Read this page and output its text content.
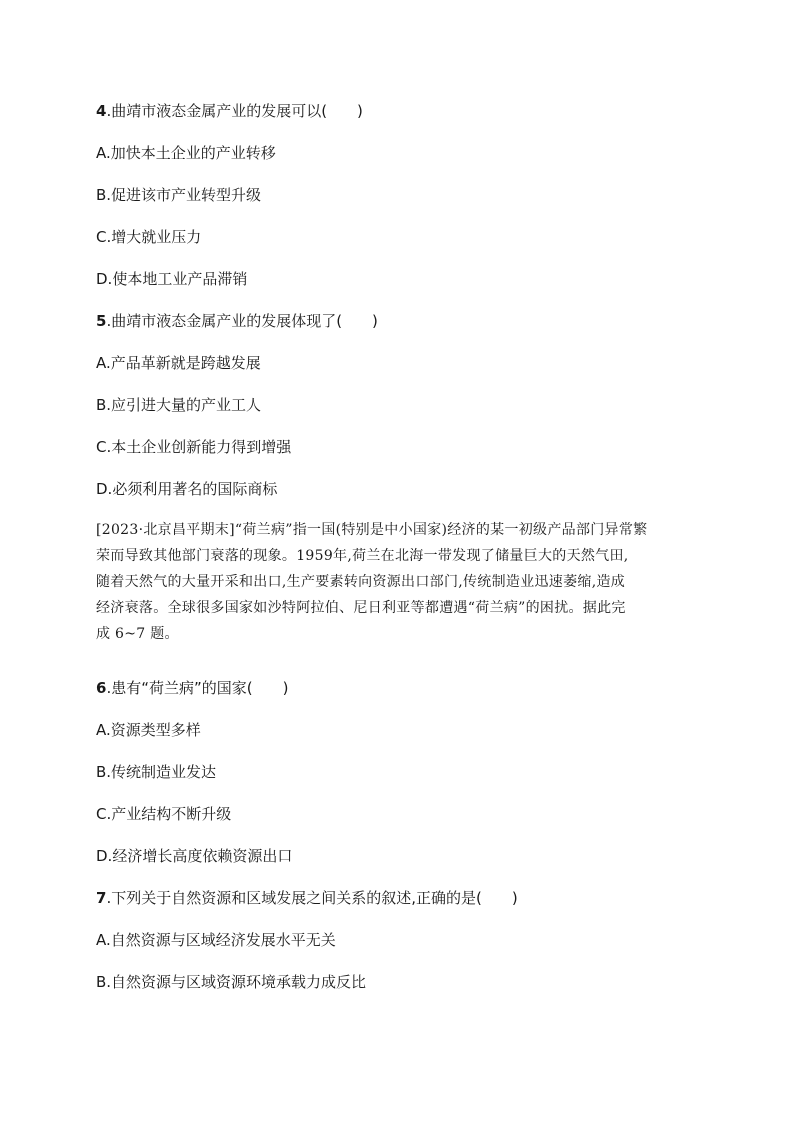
4.曲靖市液态金属产业的发展可以(　　)
A.加快本土企业的产业转移
B.促进该市产业转型升级
C.增大就业压力
D.使本地工业产品滞销
5.曲靖市液态金属产业的发展体现了(　　)
A.产品革新就是跨越发展
B.应引进大量的产业工人
C.本土企业创新能力得到增强
D.必须利用著名的国际商标
[2023·北京昌平期末]“荷兰病”指一国(特别是中小国家)经济的某一初级产品部门异常繁
荣而导致其他部门衰落的现象。1959年,荷兰在北海一带发现了储量巨大的天然气田,
随着天然气的大量开采和出口,生产要素转向资源出口部门,传统制造业迅速萎缩,造成
经济衰落。全球很多国家如沙特阿拉伯、尼日利亚等都遭遇“荷兰病”的困扰。据此完
成 6~7 题。
6.患有“荷兰病”的国家(　　)
A.资源类型多样
B.传统制造业发达
C.产业结构不断升级
D.经济增长高度依赖资源出口
7.下列关于自然资源和区域发展之间关系的叙述,正确的是(　　)
A.自然资源与区域经济发展水平无关
B.自然资源与区域资源环境承载力成反比
